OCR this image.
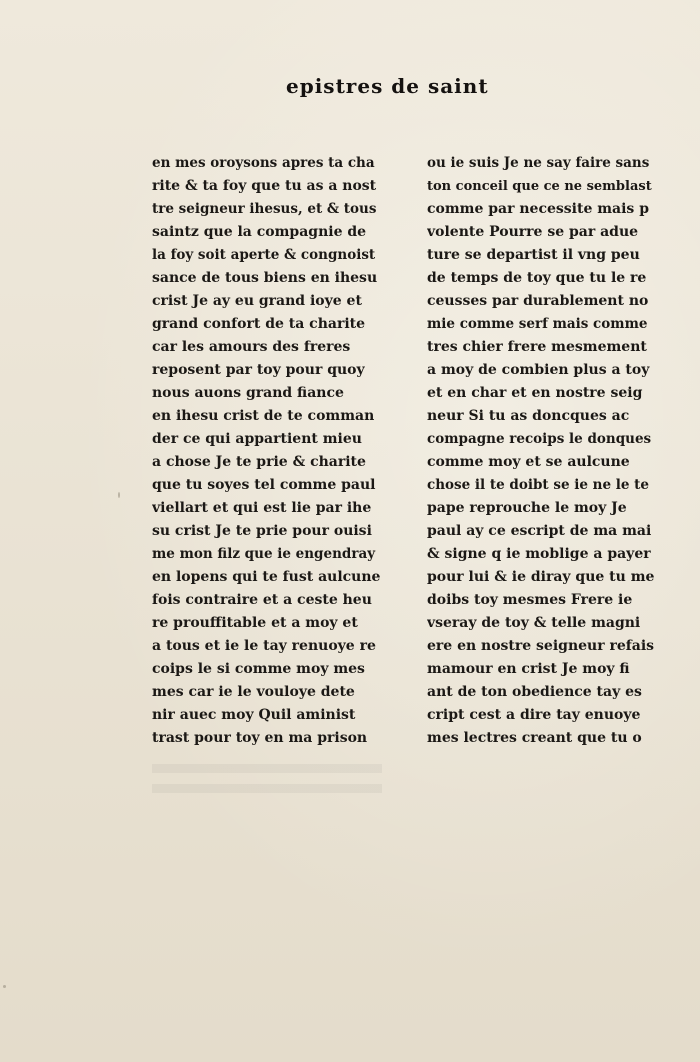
epistres de saint
en mes oroysons apres ta cha
rite & ta foy que tu as a nost
tre seigneur ihesus, et & tous
saintz que la compagnie de
la foy soit aperte & congnoist
sance de tous biens en ihesu
crist Je ay eu grand ioye et
grand confort de ta charite
car les amours des freres
reposent par toy pour quoy
nous auons grand fiance
en ihesu crist de te comman
der ce qui appartient mieu
a chose Je te prie & charite
que tu soyes tel comme paul
viellart et qui est lie par ihe
su crist Je te prie pour ouisi
me mon filz que ie engendray
en lopens qui te fust aulcune
fois contraire et a ceste heu
re prouffitable et a moy et
a tous et ie le tay renuoye re
coips le si comme moy mes
mes car ie le vouloye dete
nir auec moy Quil aminist
trast pour toy en ma prison
ou ie suis Je ne say faire sans
ton conceil que ce ne semblast
comme par necessite mais p
volente Pourre se par adue
ture se departist il vng peu
de temps de toy que tu le re
ceusses par durablement no
mie comme serf mais comme
tres chier frere mesmement
a moy de combien plus a toy
et en char et en nostre seig
neur Si tu as doncques ac
compagne recoips le donques
comme moy et se aulcune
chose il te doibt se ie ne le te
pape reprouche le moy Je
paul ay ce escript de ma mai
& signe q ie moblige a payer
pour lui & ie diray que tu me
doibs toy mesmes Frere ie
vseray de toy & telle magni
ere en nostre seigneur refais
mamour en crist Je moy fi
ant de ton obedience tay es
cript cest a dire tay enuoye
mes lectres creant que tu o
